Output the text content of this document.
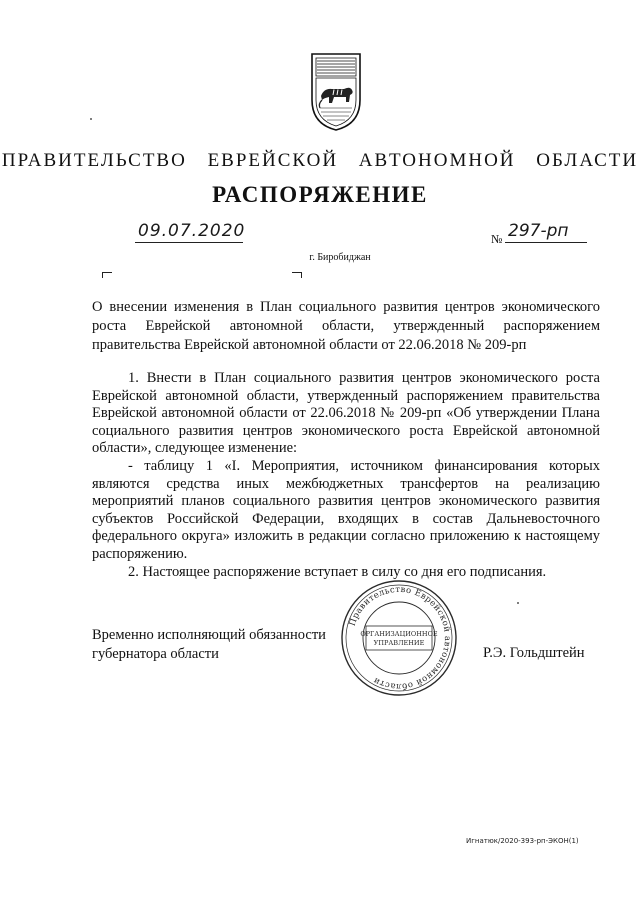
ПРАВИТЕЛЬСТВО ЕВРЕЙСКОЙ АВТОНОМНОЙ ОБЛАСТИ
РАСПОРЯЖЕНИЕ
09.07.2020	№ 297-рп
г. Биробиджан
О внесении изменения в План социального развития центров экономического роста Еврейской автономной области, утвержденный распоряжением правительства Еврейской автономной области от 22.06.2018 № 209-рп

1. Внести в План социального развития центров экономического роста Еврейской автономной области, утвержденный распоряжением правительства Еврейской автономной области от 22.06.2018 № 209-рп «Об утверждении Плана социального развития центров экономического роста Еврейской автономной области», следующее изменение:

- таблицу 1 «I. Мероприятия, источником финансирования которых являются средства иных межбюджетных трансфертов на реализацию мероприятий планов социального развития центров экономического развития субъектов Российской Федерации, входящих в состав Дальневосточного федерального округа» изложить в редакции согласно приложению к настоящему распоряжению.

2. Настоящее распоряжение вступает в силу со дня его подписания.

Правительство Еврейской автономной области
ОРГАНИЗАЦИОННОЕ
УПРАВЛЕНИЕ
Временно исполняющий обязанности
губернатора области	Р.Э. Гольдштейн
Игнатюк/2020-393-рп-ЭКОН(1)
